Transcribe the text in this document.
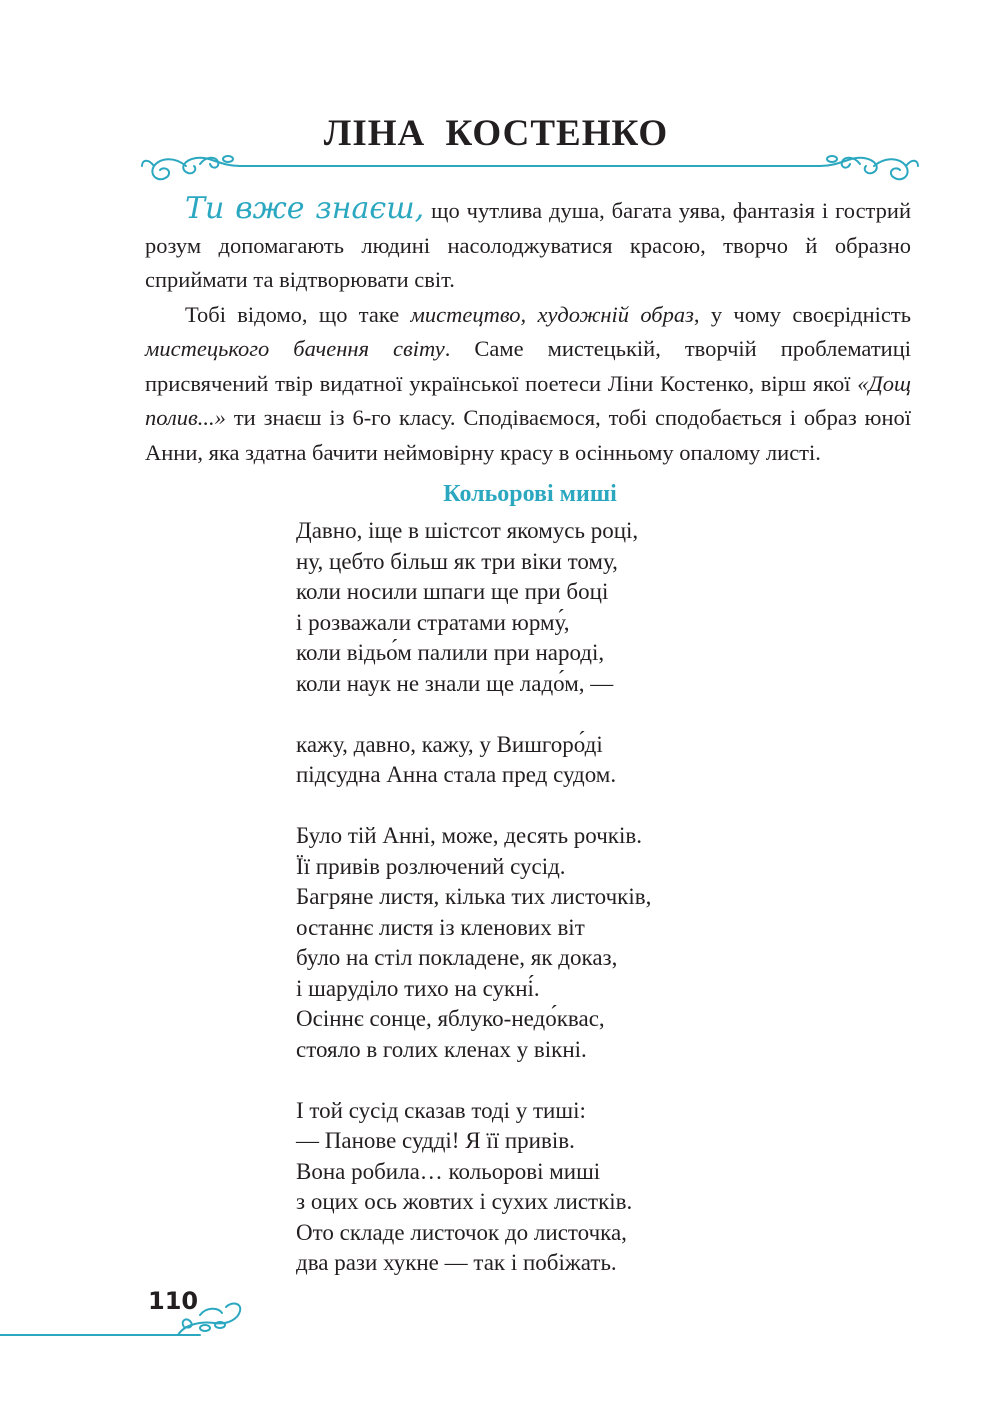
ЛІНА КОСТЕНКО

Ти вже знаєш, що чутлива душа, багата уява, фантазія і гострий розум допомагають людині насолоджуватися красою, творчо й образно сприймати та відтворювати світ.

Тобі відомо, що таке мистецтво, художній образ, у чому своєрідність мистецького бачення світу. Саме мистецькій, творчій проблематиці присвячений твір видатної української поетеси Ліни Костенко, вірш якої «Дощ полив...» ти знаєш із 6-го класу. Сподіваємося, тобі сподобається і образ юної Анни, яка здатна бачити неймовірну красу в осінньому опалому листі.

Кольорові миші
Давно, іще в шістсот якомусь році,
ну, цебто більш як три віки тому,
коли носили шпаги ще при боці
і розважали стратами юрму́,
коли відьо́м палили при народі,
коли наук не знали ще ладо́м, —
кажу, давно, кажу, у Вишгоро́ді
підсудна Анна стала пред судом.
Було тій Анні, може, десять рочків.
Її привів розлючений сусід.
Багряне листя, кілька тих листочків,
останнє листя із кленових віт
було на стіл покладене, як доказ,
і шаруділо тихо на сукні́.
Осіннє сонце, яблуко-недо́квас,
стояло в голих кленах у вікні.
І той сусід сказав тоді у тиші:
— Панове судді! Я її привів.
Вона робила… кольорові миші
з оцих ось жовтих і сухих листків.
Ото складе листочок до листочка,
два рази хукне — так і побіжать.
110
